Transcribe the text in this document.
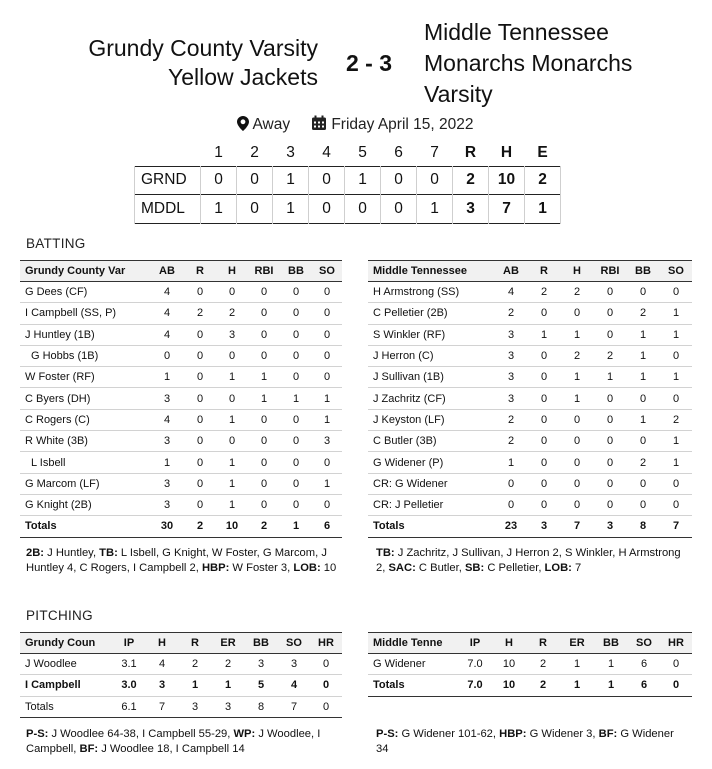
Grundy County Varsity
Yellow Jackets
2 - 3
Middle Tennessee
Monarchs Monarchs
Varsity
Away	Friday April 15, 2022
	1	2	3	4	5	6	7	R	H	E
GRND	0	0	1	0	1	0	0	2	10	2
MDDL	1	0	1	0	0	0	1	3	7	1
BATTING
Grundy County Var	AB	R	H	RBI	BB	SO
G Dees (CF)	4	0	0	0	0	0
I Campbell (SS, P)	4	2	2	0	0	0
J Huntley (1B)	4	0	3	0	0	0
G Hobbs (1B)	0	0	0	0	0	0
W Foster (RF)	1	0	1	1	0	0
C Byers (DH)	3	0	0	1	1	1
C Rogers (C)	4	0	1	0	0	1
R White (3B)	3	0	0	0	0	3
L Isbell	1	0	1	0	0	0
G Marcom (LF)	3	0	1	0	0	1
G Knight (2B)	3	0	1	0	0	0
Totals	30	2	10	2	1	6
Middle Tennessee	AB	R	H	RBI	BB	SO
H Armstrong (SS)	4	2	2	0	0	0
C Pelletier (2B)	2	0	0	0	2	1
S Winkler (RF)	3	1	1	0	1	1
J Herron (C)	3	0	2	2	1	0
J Sullivan (1B)	3	0	1	1	1	1
J Zachritz (CF)	3	0	1	0	0	0
J Keyston (LF)	2	0	0	0	1	2
C Butler (3B)	2	0	0	0	0	1
G Widener (P)	1	0	0	0	2	1
CR: G Widener	0	0	0	0	0	0
CR: J Pelletier	0	0	0	0	0	0
Totals	23	3	7	3	8	7
2B: J Huntley, TB: L Isbell, G Knight, W Foster, G Marcom, J Huntley 4, C Rogers, I Campbell 2, HBP: W Foster 3, LOB: 10
TB: J Zachritz, J Sullivan, J Herron 2, S Winkler, H Armstrong 2, SAC: C Butler, SB: C Pelletier, LOB: 7
PITCHING
Grundy Coun	IP	H	R	ER	BB	SO	HR
J Woodlee	3.1	4	2	2	3	3	0
I Campbell	3.0	3	1	1	5	4	0
Totals	6.1	7	3	3	8	7	0
Middle Tenne	IP	H	R	ER	BB	SO	HR
G Widener	7.0	10	2	1	1	6	0
Totals	7.0	10	2	1	1	6	0
P-S: J Woodlee 64-38, I Campbell 55-29, WP: J Woodlee, I Campbell, BF: J Woodlee 18, I Campbell 14
P-S: G Widener 101-62, HBP: G Widener 3, BF: G Widener 34
